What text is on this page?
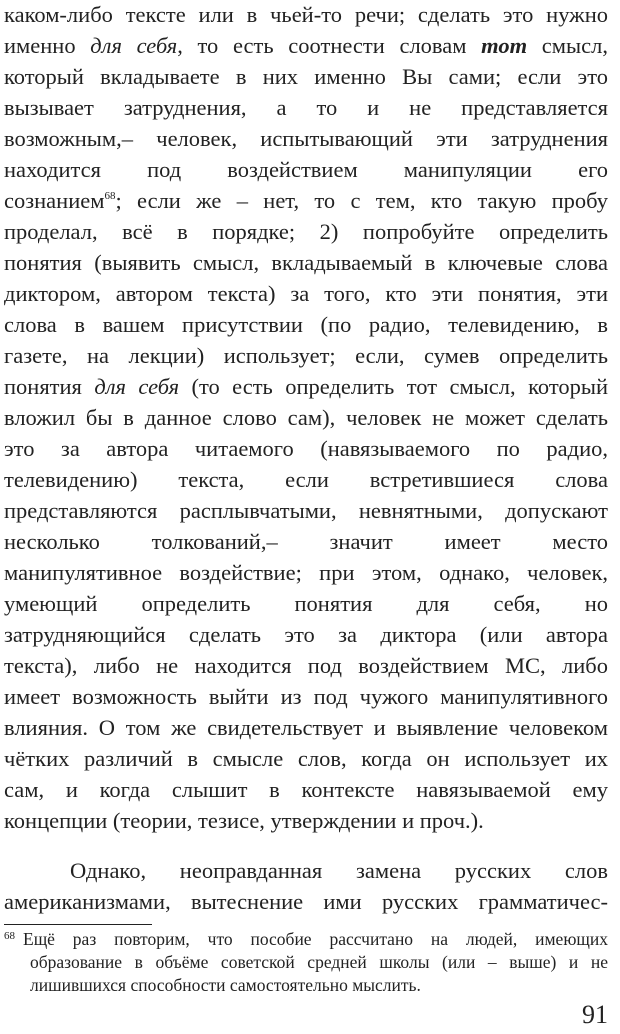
каком-либо тексте или в чьей-то речи; сделать это нужно
именно для себя, то есть соотнести словам тот смысл,
который вкладываете в них именно Вы сами; если это
вызывает затруднения, а то и не представляется
возможным,– человек, испытывающий эти затруднения
находится под воздействием манипуляции его
сознанием$^{68}$; если же – нет, то с тем, кто такую пробу
проделал, всё в порядке; 2) попробуйте определить
понятия (выявить смысл, вкладываемый в ключевые слова
диктором, автором текста) за того, кто эти понятия, эти
слова в вашем присутствии (по радио, телевидению, в
газете, на лекции) использует; если, сумев определить
понятия для себя (то есть определить тот смысл, который
вложил бы в данное слово сам), человек не может сделать
это за автора читаемого (навязываемого по радио,
телевидению) текста, если встретившиеся слова
представляются расплывчатыми, невнятными, допускают
несколько толкований,– значит имеет место
манипулятивное воздействие; при этом, однако, человек,
умеющий определить понятия для себя, но
затрудняющийся сделать это за диктора (или автора
текста), либо не находится под воздействием МС, либо
имеет возможность выйти из под чужого манипулятивного
влияния. О том же свидетельствует и выявление человеком
чётких различий в смысле слов, когда он использует их
сам, и когда слышит в контексте навязываемой ему
концепции (теории, тезисе, утверждении и проч.).
Однако, неоправданная замена русских слов
американизмами, вытеснение ими русских грамматичес-
$^{68}$ Ещё раз повторим, что пособие рассчитано на людей, имеющих
образование в объёме советской средней школы (или – выше) и не
лишившихся способности самостоятельно мыслить.
91
